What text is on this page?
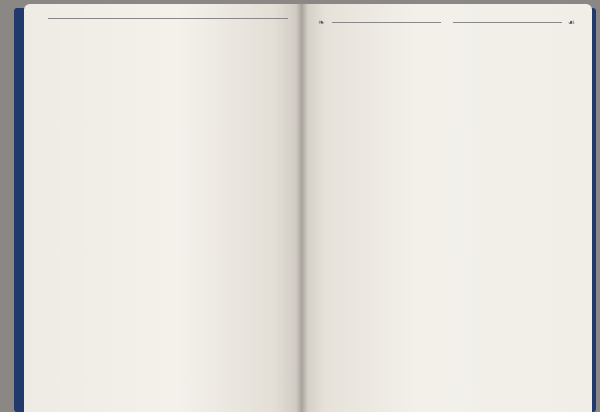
❧	☙
